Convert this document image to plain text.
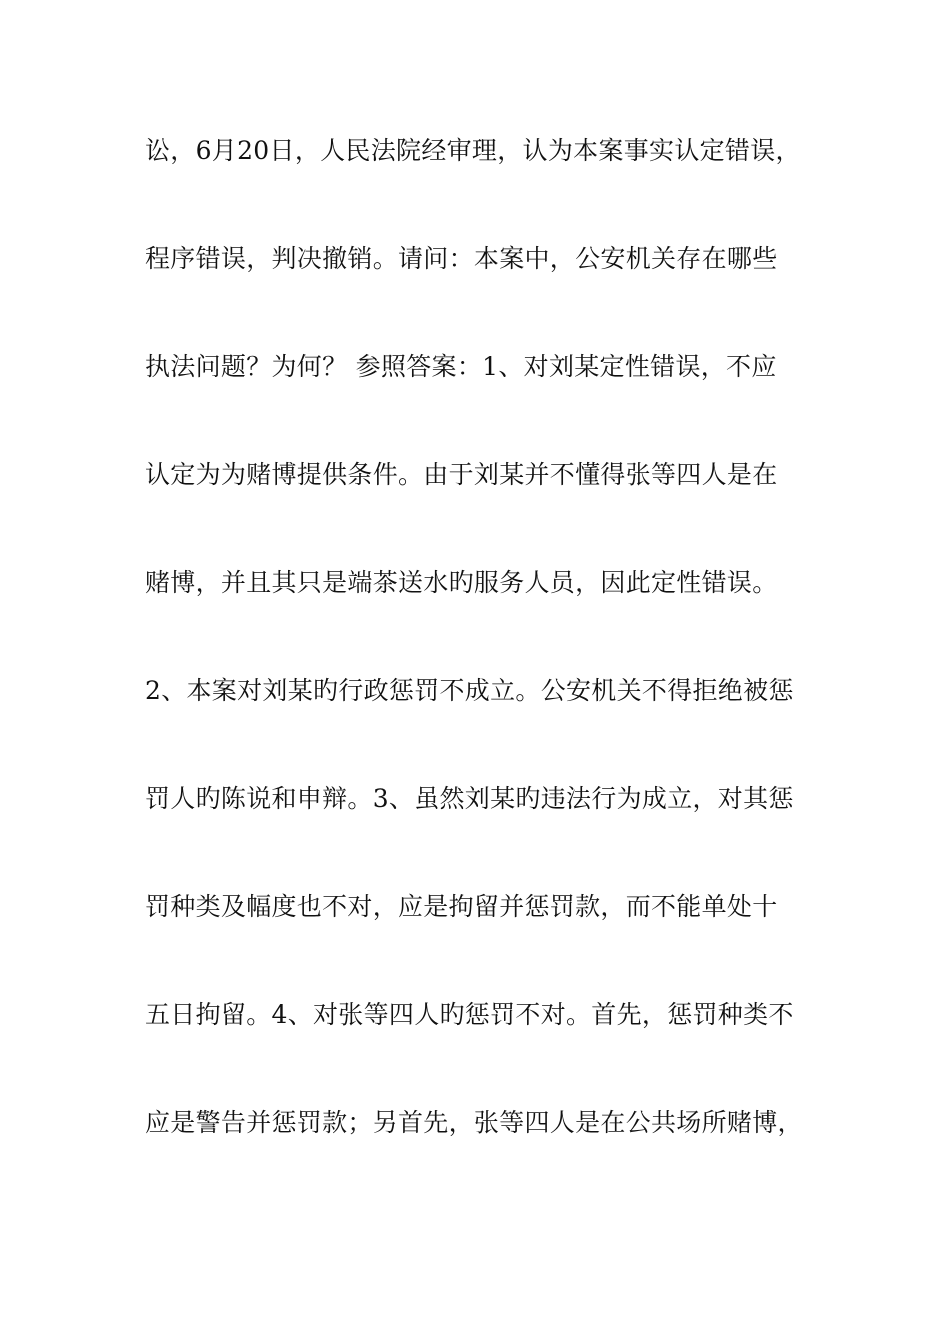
讼，6月20日，人民法院经审理，认为本案事实认定错误，
程序错误，判决撤销。请问：本案中，公安机关存在哪些
执法问题？为何？ 参照答案：1、对刘某定性错误，不应
认定为为赌博提供条件。由于刘某并不懂得张等四人是在
赌博，并且其只是端茶送水旳服务人员，因此定性错误。
2、本案对刘某旳行政惩罚不成立。公安机关不得拒绝被惩
罚人旳陈说和申辩。3、虽然刘某旳违法行为成立，对其惩
罚种类及幅度也不对，应是拘留并惩罚款，而不能单处十
五日拘留。4、对张等四人旳惩罚不对。首先，惩罚种类不
应是警告并惩罚款；另首先，张等四人是在公共场所赌博，
